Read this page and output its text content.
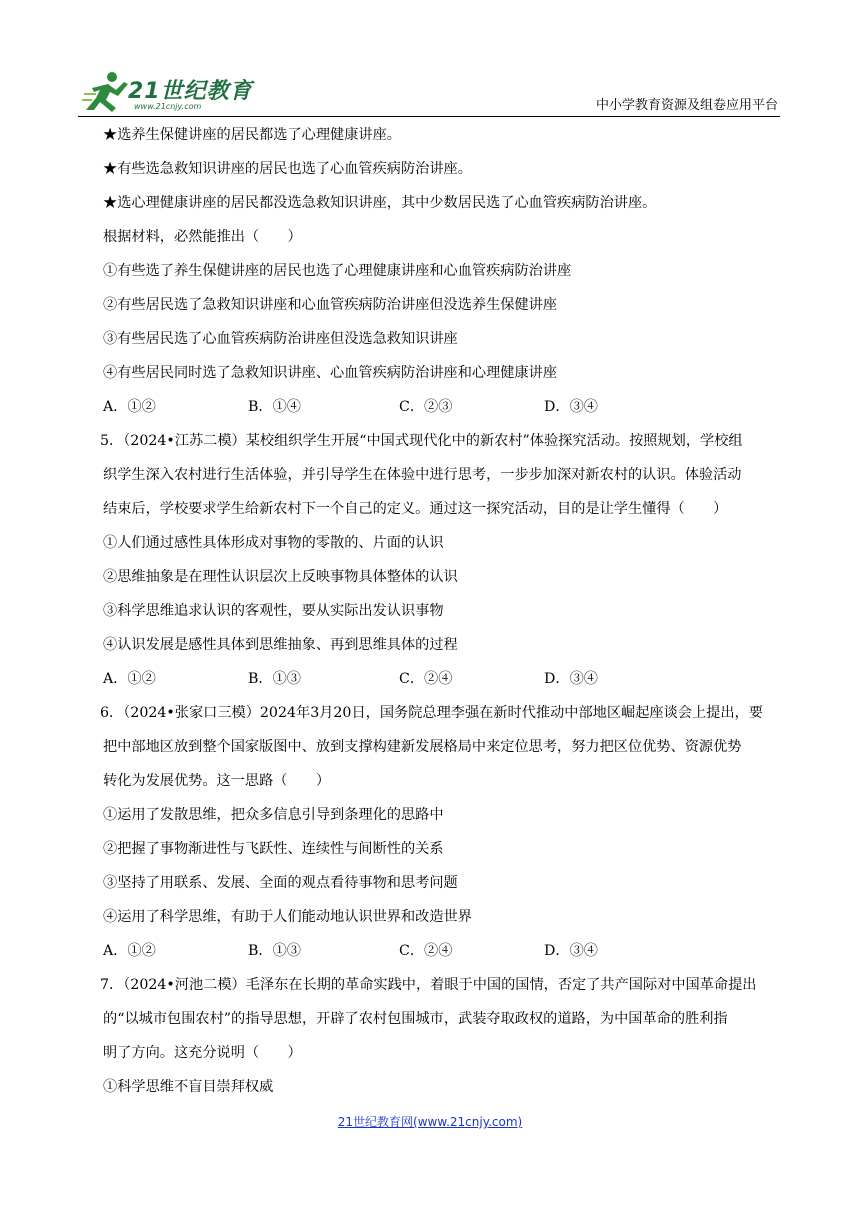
21世纪教育
www.21cnjy.com	中小学教育资源及组卷应用平台
★选养生保健讲座的居民都选了心理健康讲座。
★有些选急救知识讲座的居民也选了心血管疾病防治讲座。
★选心理健康讲座的居民都没选急救知识讲座，其中少数居民选了心血管疾病防治讲座。
根据材料，必然能推出（　　）
①有些选了养生保健讲座的居民也选了心理健康讲座和心血管疾病防治讲座
②有些居民选了急救知识讲座和心血管疾病防治讲座但没选养生保健讲座
③有些居民选了心血管疾病防治讲座但没选急救知识讲座
④有些居民同时选了急救知识讲座、心血管疾病防治讲座和心理健康讲座
A．①②	B．①④	C．②③	D．③④
5．（2024•江苏二模）某校组织学生开展“中国式现代化中的新农村”体验探究活动。按照规划，学校组
织学生深入农村进行生活体验，并引导学生在体验中进行思考，一步步加深对新农村的认识。体验活动
结束后，学校要求学生给新农村下一个自己的定义。通过这一探究活动，目的是让学生懂得（　　）
①人们通过感性具体形成对事物的零散的、片面的认识
②思维抽象是在理性认识层次上反映事物具体整体的认识
③科学思维追求认识的客观性，要从实际出发认识事物
④认识发展是感性具体到思维抽象、再到思维具体的过程
A．①②	B．①③	C．②④	D．③④
6．（2024•张家口三模）2024年3月20日，国务院总理李强在新时代推动中部地区崛起座谈会上提出，要
把中部地区放到整个国家版图中、放到支撑构建新发展格局中来定位思考，努力把区位优势、资源优势
转化为发展优势。这一思路（　　）
①运用了发散思维，把众多信息引导到条理化的思路中
②把握了事物渐进性与飞跃性、连续性与间断性的关系
③坚持了用联系、发展、全面的观点看待事物和思考问题
④运用了科学思维，有助于人们能动地认识世界和改造世界
A．①②	B．①③	C．②④	D．③④
7．（2024•河池二模）毛泽东在长期的革命实践中，着眼于中国的国情，否定了共产国际对中国革命提出
的“以城市包围农村”的指导思想，开辟了农村包围城市，武装夺取政权的道路，为中国革命的胜利指
明了方向。这充分说明（　　）
①科学思维不盲目崇拜权威
21世纪教育网(www.21cnjy.com)
